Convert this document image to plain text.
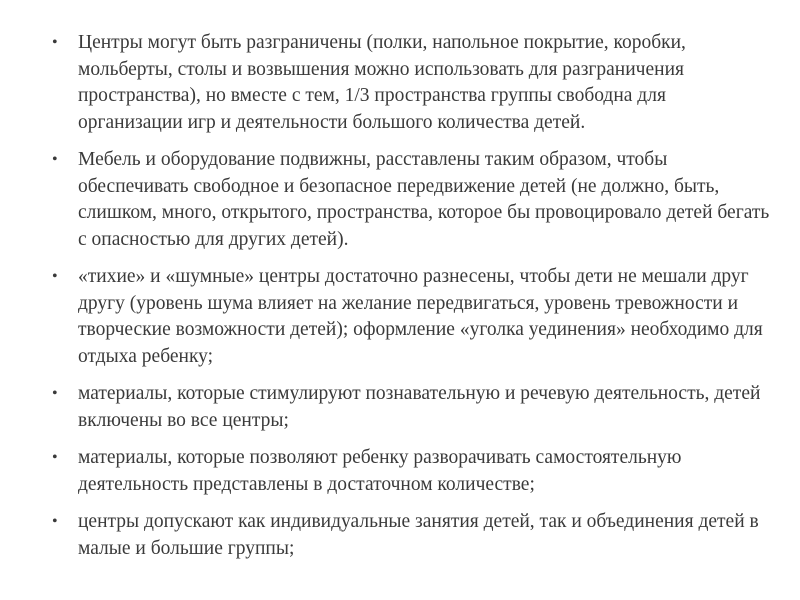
• Центры могут быть разграничены (полки, напольное покрытие, коробки, мольберты, столы и возвышения можно использовать для разграничения пространства), но вместе с тем, 1/3 пространства группы свободна для организации игр и деятельности большого количества детей.
• Мебель и оборудование подвижны, расставлены таким образом, чтобы обеспечивать свободное и безопасное передвижение детей (не должно, быть, слишком, много, открытого, пространства, которое бы провоцировало детей бегать с опасностью для других детей).
• «тихие» и «шумные» центры достаточно разнесены, чтобы дети не мешали друг другу (уровень шума влияет на желание передвигаться, уровень тревожности и творческие возможности детей); оформление «уголка уединения» необходимо для отдыха ребенку;
• материалы, которые стимулируют познавательную и речевую деятельность, детей включены во все центры;
• материалы, которые позволяют ребенку разворачивать самостоятельную деятельность представлены в достаточном количестве;
• центры допускают как индивидуальные занятия детей, так и объединения детей в малые и большие группы;
